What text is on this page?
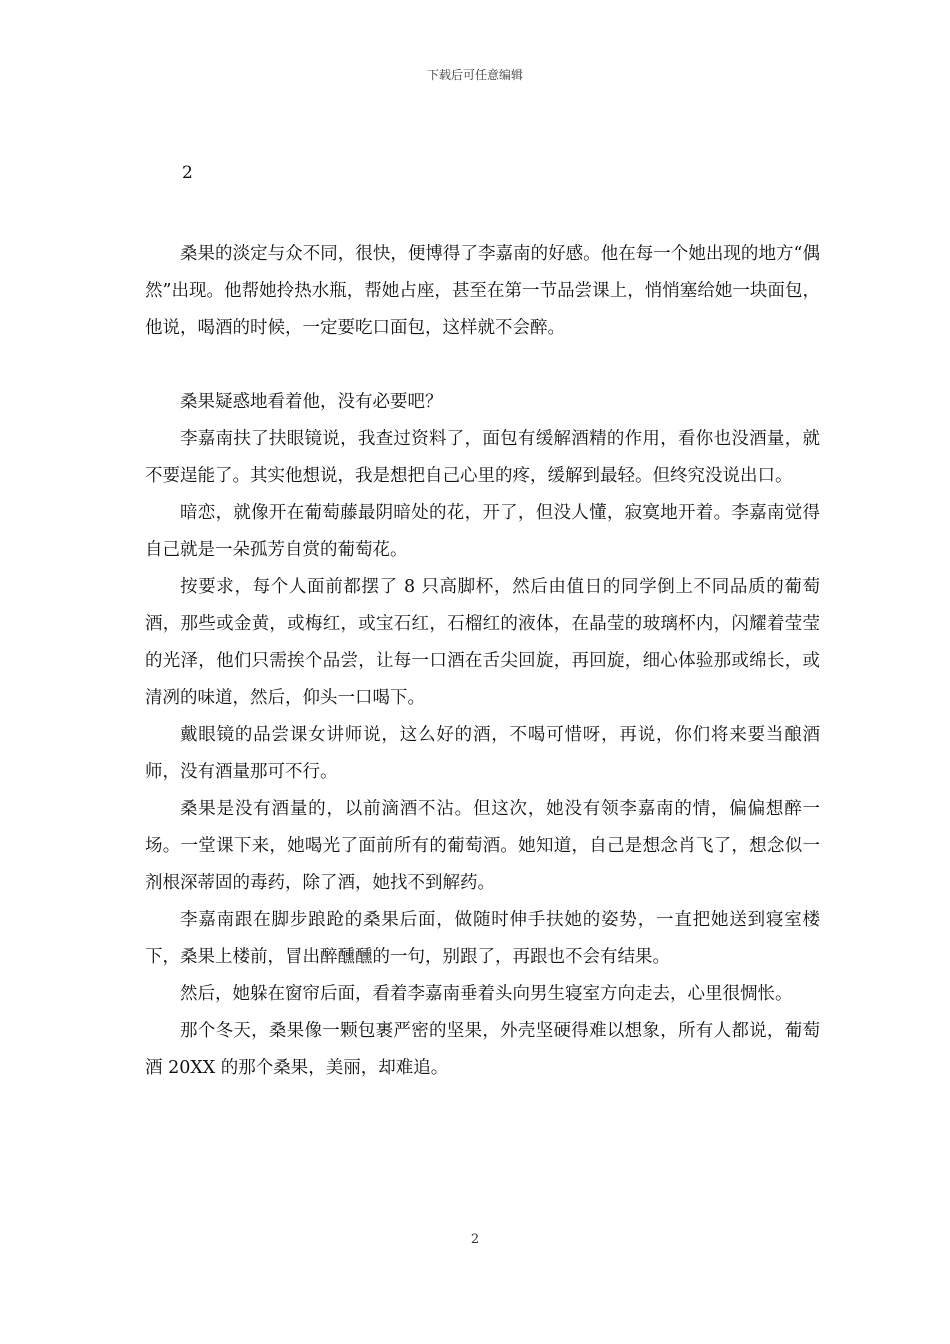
下载后可任意编辑
2

桑果的淡定与众不同，很快，便博得了李嘉南的好感。他在每一个她出现的地方“偶然”出现。他帮她拎热水瓶，帮她占座，甚至在第一节品尝课上，悄悄塞给她一块面包，他说，喝酒的时候，一定要吃口面包，这样就不会醉。

桑果疑惑地看着他，没有必要吧？

李嘉南扶了扶眼镜说，我查过资料了，面包有缓解酒精的作用，看你也没酒量，就不要逞能了。其实他想说，我是想把自己心里的疼，缓解到最轻。但终究没说出口。

暗恋，就像开在葡萄藤最阴暗处的花，开了，但没人懂，寂寞地开着。李嘉南觉得自己就是一朵孤芳自赏的葡萄花。

按要求，每个人面前都摆了 8 只高脚杯，然后由值日的同学倒上不同品质的葡萄酒，那些或金黄，或梅红，或宝石红，石榴红的液体，在晶莹的玻璃杯内，闪耀着莹莹的光泽，他们只需挨个品尝，让每一口酒在舌尖回旋，再回旋，细心体验那或绵长，或清冽的味道，然后，仰头一口喝下。

戴眼镜的品尝课女讲师说，这么好的酒，不喝可惜呀，再说，你们将来要当酿酒师，没有酒量那可不行。

桑果是没有酒量的，以前滴酒不沾。但这次，她没有领李嘉南的情，偏偏想醉一场。一堂课下来，她喝光了面前所有的葡萄酒。她知道，自己是想念肖飞了，想念似一剂根深蒂固的毒药，除了酒，她找不到解药。

李嘉南跟在脚步踉跄的桑果后面，做随时伸手扶她的姿势，一直把她送到寝室楼下，桑果上楼前，冒出醉醺醺的一句，别跟了，再跟也不会有结果。

然后，她躲在窗帘后面，看着李嘉南垂着头向男生寝室方向走去，心里很惆怅。

那个冬天，桑果像一颗包裹严密的坚果，外壳坚硬得难以想象，所有人都说，葡萄酒 20XX 的那个桑果，美丽，却难追。

2
